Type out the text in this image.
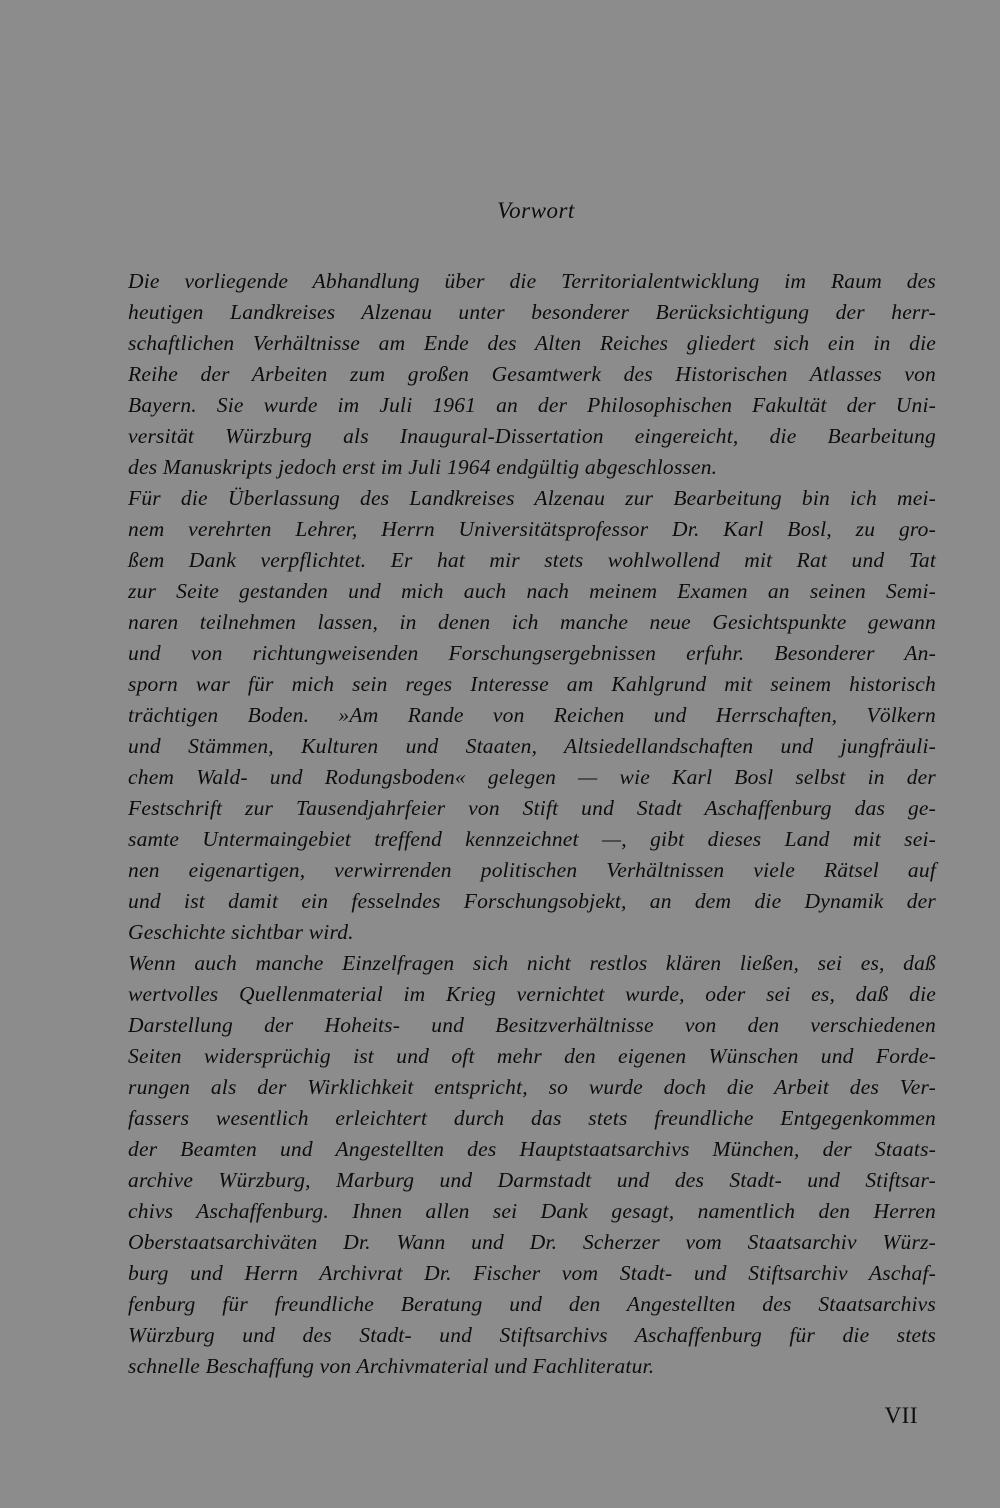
Vorwort
Die vorliegende Abhandlung über die Territorialentwicklung im Raum des
heutigen Landkreises Alzenau unter besonderer Berücksichtigung der herr-
schaftlichen Verhältnisse am Ende des Alten Reiches gliedert sich ein in die
Reihe der Arbeiten zum großen Gesamtwerk des Historischen Atlasses von
Bayern. Sie wurde im Juli 1961 an der Philosophischen Fakultät der Uni-
versität Würzburg als Inaugural-Dissertation eingereicht, die Bearbeitung
des Manuskripts jedoch erst im Juli 1964 endgültig abgeschlossen.
Für die Überlassung des Landkreises Alzenau zur Bearbeitung bin ich mei-
nem verehrten Lehrer, Herrn Universitätsprofessor Dr. Karl Bosl, zu gro-
ßem Dank verpflichtet. Er hat mir stets wohlwollend mit Rat und Tat
zur Seite gestanden und mich auch nach meinem Examen an seinen Semi-
naren teilnehmen lassen, in denen ich manche neue Gesichtspunkte gewann
und von richtungweisenden Forschungsergebnissen erfuhr. Besonderer An-
sporn war für mich sein reges Interesse am Kahlgrund mit seinem historisch
trächtigen Boden. »Am Rande von Reichen und Herrschaften, Völkern
und Stämmen, Kulturen und Staaten, Altsiedellandschaften und jungfräuli-
chem Wald- und Rodungsboden« gelegen — wie Karl Bosl selbst in der
Festschrift zur Tausendjahrfeier von Stift und Stadt Aschaffenburg das ge-
samte Untermaingebiet treffend kennzeichnet —, gibt dieses Land mit sei-
nen eigenartigen, verwirrenden politischen Verhältnissen viele Rätsel auf
und ist damit ein fesselndes Forschungsobjekt, an dem die Dynamik der
Geschichte sichtbar wird.
Wenn auch manche Einzelfragen sich nicht restlos klären ließen, sei es, daß
wertvolles Quellenmaterial im Krieg vernichtet wurde, oder sei es, daß die
Darstellung der Hoheits- und Besitzverhältnisse von den verschiedenen
Seiten widersprüchig ist und oft mehr den eigenen Wünschen und Forde-
rungen als der Wirklichkeit entspricht, so wurde doch die Arbeit des Ver-
fassers wesentlich erleichtert durch das stets freundliche Entgegenkommen
der Beamten und Angestellten des Hauptstaatsarchivs München, der Staats-
archive Würzburg, Marburg und Darmstadt und des Stadt- und Stiftsar-
chivs Aschaffenburg. Ihnen allen sei Dank gesagt, namentlich den Herren
Oberstaatsarchiväten Dr. Wann und Dr. Scherzer vom Staatsarchiv Würz-
burg und Herrn Archivrat Dr. Fischer vom Stadt- und Stiftsarchiv Aschaf-
fenburg für freundliche Beratung und den Angestellten des Staatsarchivs
Würzburg und des Stadt- und Stiftsarchivs Aschaffenburg für die stets
schnelle Beschaffung von Archivmaterial und Fachliteratur.
VII
